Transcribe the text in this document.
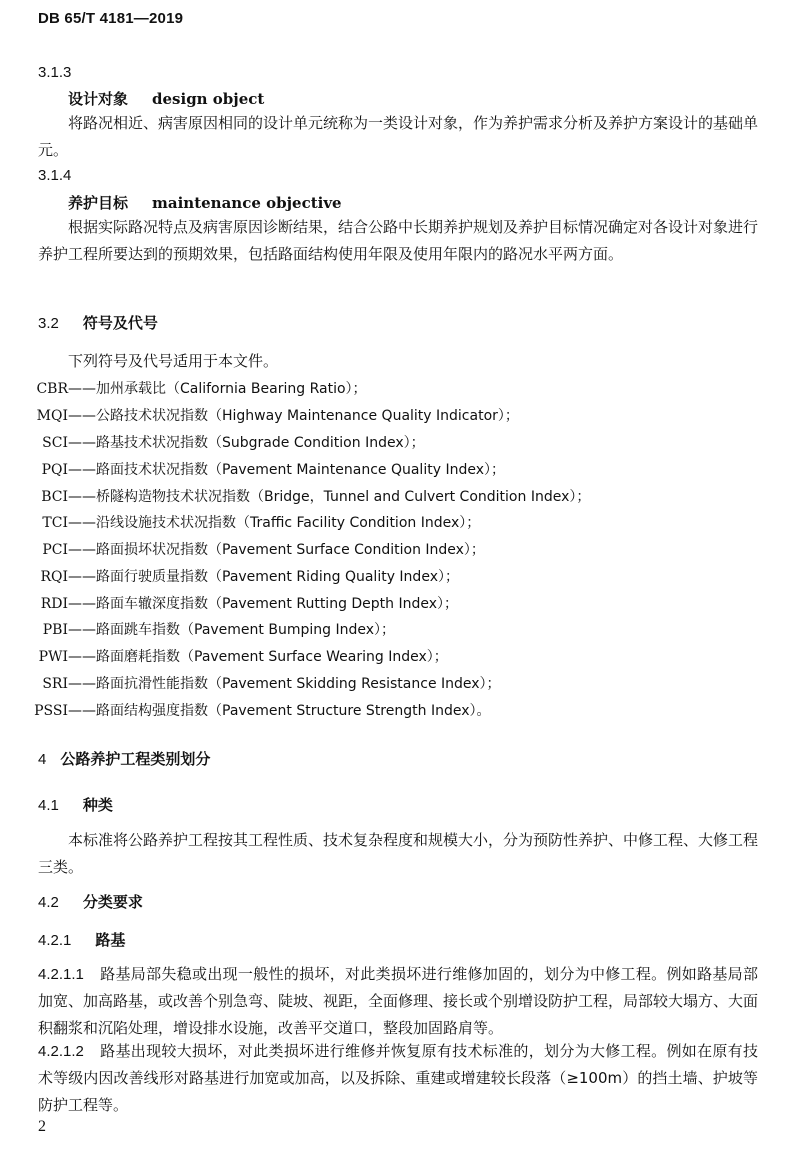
DB 65/T 4181—2019
3.1.3
设计对象 design object
将路况相近、病害原因相同的设计单元统称为一类设计对象，作为养护需求分析及养护方案设计的基础单元。
3.1.4
养护目标 maintenance objective
根据实际路况特点及病害原因诊断结果，结合公路中长期养护规划及养护目标情况确定对各设计对象进行养护工程所要达到的预期效果，包括路面结构使用年限及使用年限内的路况水平两方面。
3.2 符号及代号
下列符号及代号适用于本文件。
CBR——加州承载比（California Bearing Ratio）；
MQI——公路技术状况指数（Highway Maintenance Quality Indicator）；
SCI——路基技术状况指数（Subgrade Condition Index）；
PQI——路面技术状况指数（Pavement Maintenance Quality Index）；
BCI——桥隧构造物技术状况指数（Bridge，Tunnel and Culvert Condition Index）；
TCI——沿线设施技术状况指数（Traffic Facility Condition Index）；
PCI——路面损坏状况指数（Pavement Surface Condition Index）；
RQI——路面行驶质量指数（Pavement Riding Quality Index）；
RDI——路面车辙深度指数（Pavement Rutting Depth Index）；
PBI——路面跳车指数（Pavement Bumping Index）；
PWI——路面磨耗指数（Pavement Surface Wearing Index）；
SRI——路面抗滑性能指数（Pavement Skidding Resistance Index）；
PSSI——路面结构强度指数（Pavement Structure Strength Index）。
4 公路养护工程类别划分
4.1 种类
本标准将公路养护工程按其工程性质、技术复杂程度和规模大小，分为预防性养护、中修工程、大修工程三类。
4.2 分类要求
4.2.1 路基
4.2.1.1 路基局部失稳或出现一般性的损坏，对此类损坏进行维修加固的，划分为中修工程。例如路基局部加宽、加高路基，或改善个别急弯、陡坡、视距，全面修理、接长或个别增设防护工程，局部较大塌方、大面积翻浆和沉陷处理，增设排水设施，改善平交道口，整段加固路肩等。
4.2.1.2 路基出现较大损坏，对此类损坏进行维修并恢复原有技术标准的，划分为大修工程。例如在原有技术等级内因改善线形对路基进行加宽或加高，以及拆除、重建或增建较长段落（≥100m）的挡土墙、护坡等防护工程等。
2
